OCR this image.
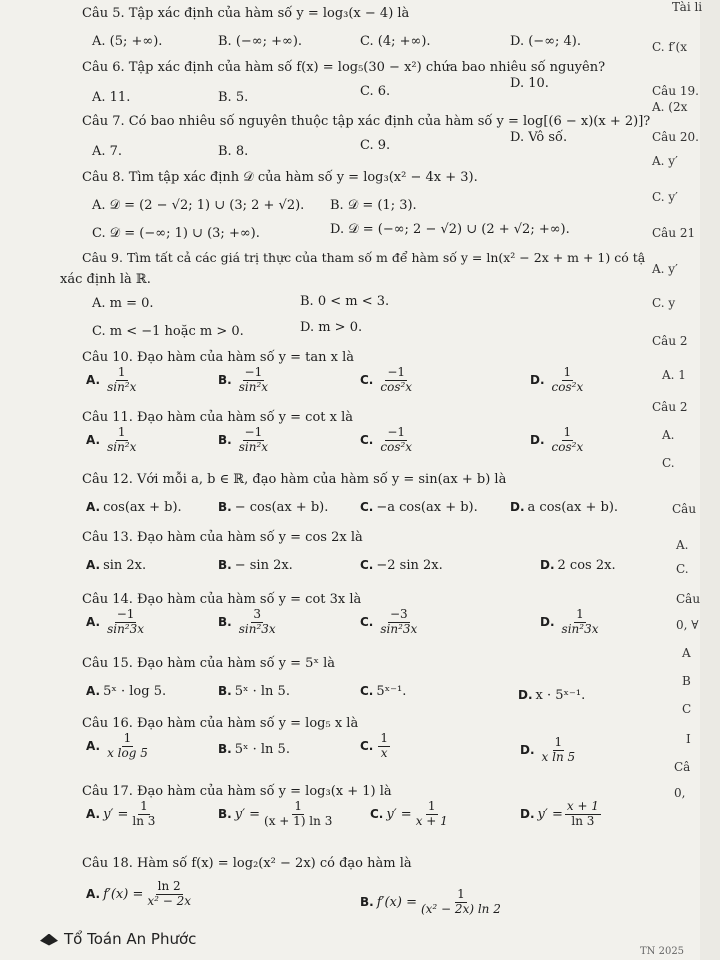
Câu 5. Tập xác định của hàm số y = log₃(x − 4) là
A. (5; +∞).	B. (−∞; +∞).	C. (4; +∞).	D. (−∞; 4).
Câu 6. Tập xác định của hàm số f(x) = log₅(30 − x²) chứa bao nhiêu số nguyên?
A. 11.	B. 5.	C. 6.
D. 10.
Câu 7. Có bao nhiêu số nguyên thuộc tập xác định của hàm số y = log[(6 − x)(x + 2)]?
A. 7.	B. 8.	C. 9.
D. Vô số.
Câu 8. Tìm tập xác định 𝒟 của hàm số y = log₃(x² − 4x + 3).
A. 𝒟 = (2 − √2; 1) ∪ (3; 2 + √2). B. 𝒟 = (1; 3).
C. 𝒟 = (−∞; 1) ∪ (3; +∞).	D. 𝒟 = (−∞; 2 − √2) ∪ (2 + √2; +∞).
Câu 9. Tìm tất cả các giá trị thực của tham số m để hàm số y = ln(x² − 2x + m + 1) có tậ
xác định là ℝ.
A. m = 0.	B. 0 < m < 3.
C. m < −1 hoặc m > 0.	D. m > 0.
Câu 10. Đạo hàm của hàm số y = tan x là
A. $\frac{1}{\text{sin²x}}$	B. $\frac{-1}{\text{sin²x}}$	C. $\frac{-1}{\text{cos²x}}$	D. $\frac{1}{\text{cos²x}}$
Câu 11. Đạo hàm của hàm số y = cot x là
A. $\frac{1}{\text{sin²x}}$	B. $\frac{-1}{\text{sin²x}}$	C. $\frac{-1}{\text{cos²x}}$	D. $\frac{1}{\text{cos²x}}$
Câu 12. Với mỗi a, b ∈ ℝ, đạo hàm của hàm số y = sin(ax + b) là
A. cos(ax + b).	B. − cos(ax + b).	C. −a cos(ax + b).	D. a cos(ax + b).
Câu 13. Đạo hàm của hàm số y = cos 2x là
A. sin 2x.	B. − sin 2x.	C. −2 sin 2x.	D. 2 cos 2x.
Câu 14. Đạo hàm của hàm số y = cot 3x là
A. $\frac{-1}{\text{sin²3x}}$	B. $\frac{3}{\text{sin²3x}}$	C. $\frac{-3}{\text{sin²3x}}$	D. $\frac{1}{\text{sin²3x}}$
Câu 15. Đạo hàm của hàm số y = 5ˣ là
A. 5ˣ · log 5.	B. 5ˣ · ln 5.	C. 5ˣ⁻¹.	D. x · 5ˣ⁻¹.
Câu 16. Đạo hàm của hàm số y = log₅ x là
A. $\frac{1}{\text{x log 5}}$	B. 5ˣ · ln 5.	C. $\frac{1}{x}$	D. $\frac{1}{\text{x ln 5}}$
Câu 17. Đạo hàm của hàm số y = log₃(x + 1) là
A. $y' = \frac{1}{\ln 3}$	B. $y' = \frac{1}{(x + 1) \ln 3}$	C. $y' = \frac{1}{x + 1}$	D. $y' = \frac{x + 1}{\ln 3}$
Câu 18. Hàm số f(x) = log₂(x² − 2x) có đạo hàm là
A. $f'(x) = \frac{\ln 2}{\text{x² − 2x}}$	B. $f'(x) = \frac{1}{\text{(x² − 2x) ln 2}}$
Tài li
C. f′(x
Câu 19.
A. (2x
Câu 20.
A. y′
C. y′
Câu 21
A. y′
C. y
Câu 2
A. 1
Câu 2
A.
C.
Câu
A.
C.
Câu
0, ∀
A
B
C
I
Câ
0,
Tổ Toán An Phước
TN 2025
